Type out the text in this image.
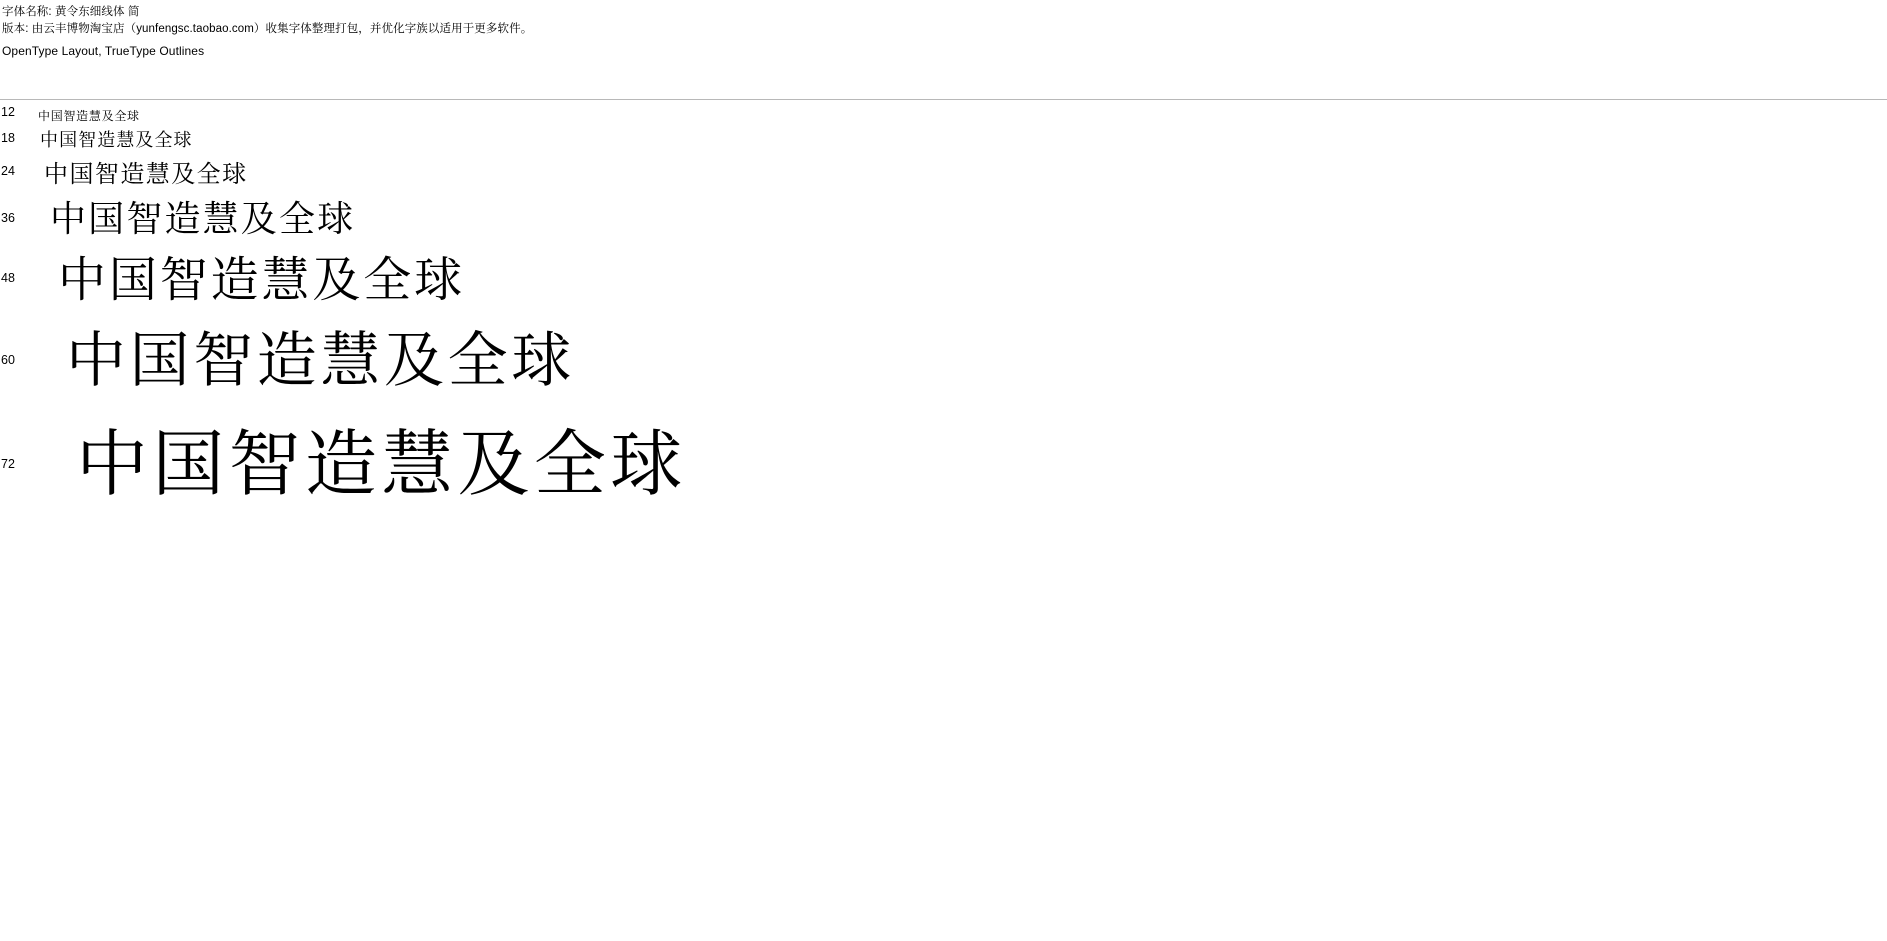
字体名称: 黄令东细线体 简
版本: 由云丰博物淘宝店（yunfengsc.taobao.com）收集字体整理打包，并优化字族以适用于更多软件。
OpenType Layout, TrueType Outlines
12	中国智造慧及全球
18	中国智造慧及全球
24	中国智造慧及全球
36 中国智造慧及全球
48 中国智造慧及全球
60 中国智造慧及全球
72 中国智造慧及全球
